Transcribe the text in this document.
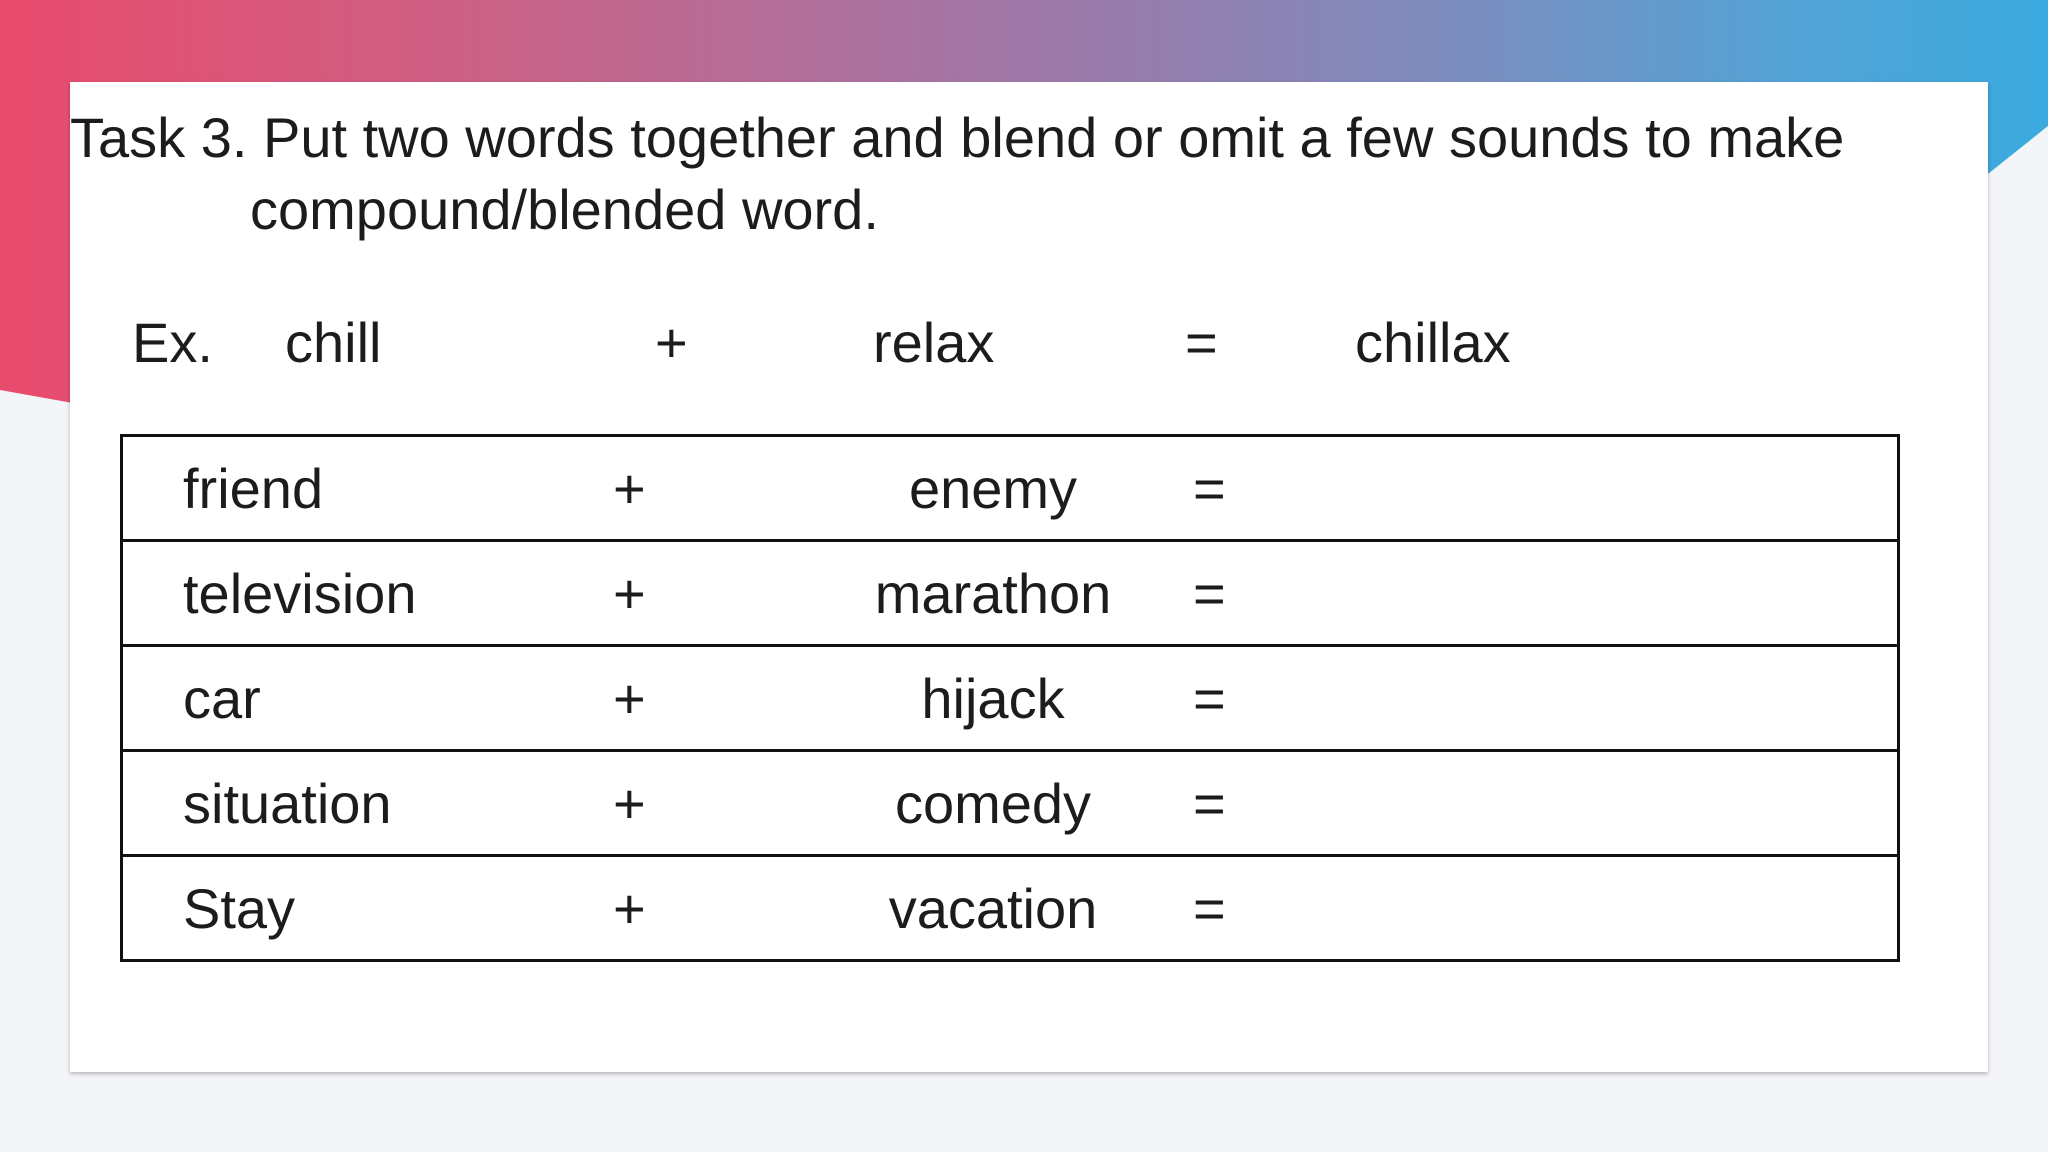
Task 3. Put two words together and blend or omit a few sounds to make
compound/blended word.
Ex. chill	+	relax	= chillax
friend	+	enemy	=	
television	+	marathon	=	
car	+	hijack	=	
situation	+	comedy	=	
Stay	+	vacation	=	
